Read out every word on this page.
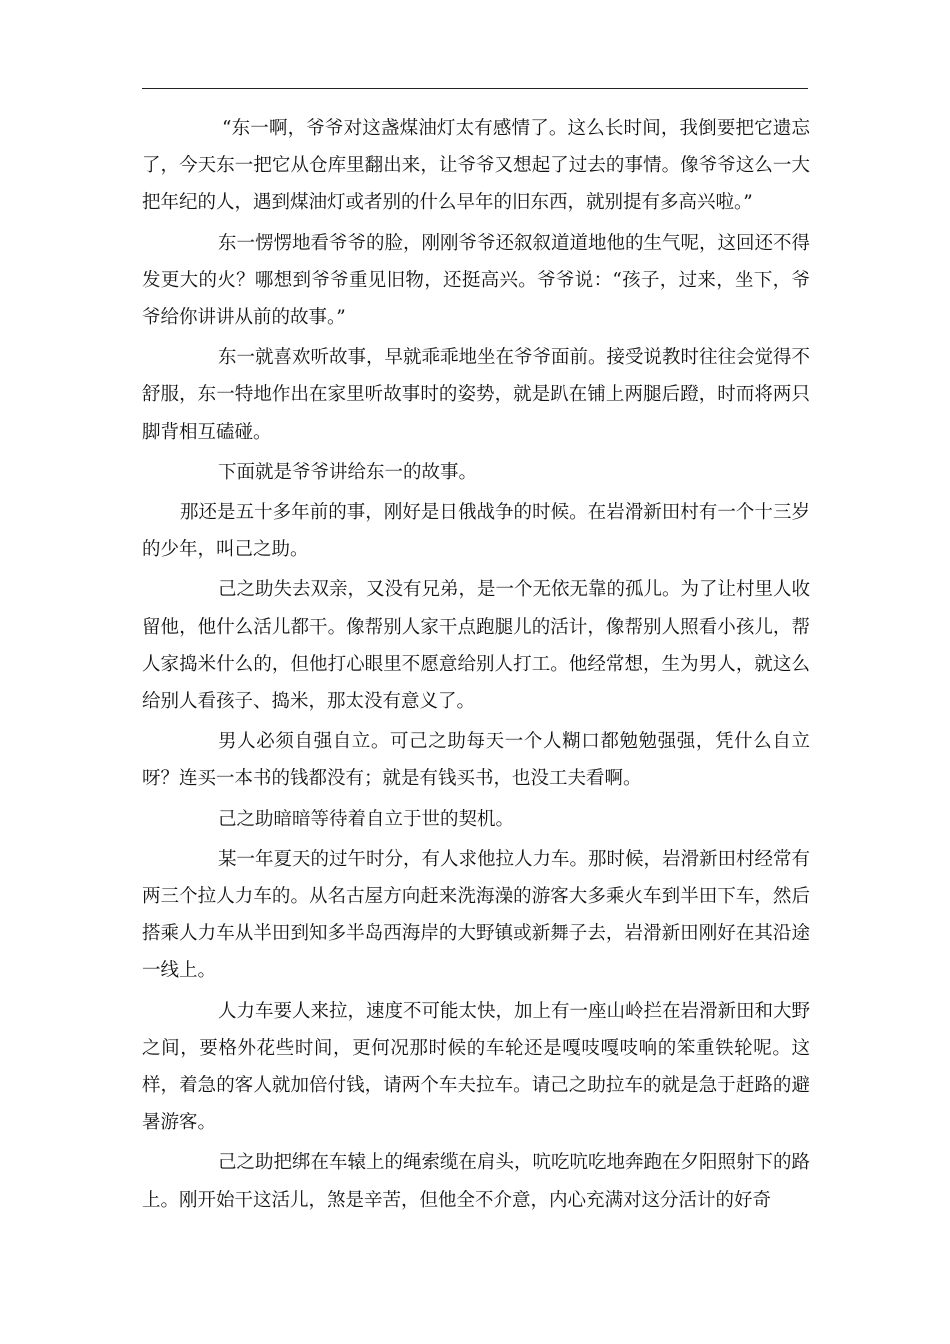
“东一啊，爷爷对这盏煤油灯太有感情了。这么长时间，我倒要把它遗忘了，今天东一把它从仓库里翻出来，让爷爷又想起了过去的事情。像爷爷这么一大把年纪的人，遇到煤油灯或者别的什么早年的旧东西，就别提有多高兴啦。”

东一愣愣地看爷爷的脸，刚刚爷爷还叙叙道道地他的生气呢，这回还不得发更大的火？哪想到爷爷重见旧物，还挺高兴。爷爷说：“孩子，过来，坐下，爷爷给你讲讲从前的故事。”

东一就喜欢听故事，早就乖乖地坐在爷爷面前。接受说教时往往会觉得不舒服，东一特地作出在家里听故事时的姿势，就是趴在铺上两腿后蹬，时而将两只脚背相互磕碰。

下面就是爷爷讲给东一的故事。

那还是五十多年前的事，刚好是日俄战争的时候。在岩滑新田村有一个十三岁的少年，叫己之助。

己之助失去双亲，又没有兄弟，是一个无依无靠的孤儿。为了让村里人收留他，他什么活儿都干。像帮别人家干点跑腿儿的活计，像帮别人照看小孩儿，帮人家捣米什么的，但他打心眼里不愿意给别人打工。他经常想，生为男人，就这么给别人看孩子、捣米，那太没有意义了。

男人必须自强自立。可己之助每天一个人糊口都勉勉强强，凭什么自立呀？连买一本书的钱都没有；就是有钱买书，也没工夫看啊。

己之助暗暗等待着自立于世的契机。

某一年夏天的过午时分，有人求他拉人力车。那时候，岩滑新田村经常有两三个拉人力车的。从名古屋方向赶来洗海澡的游客大多乘火车到半田下车，然后搭乘人力车从半田到知多半岛西海岸的大野镇或新舞子去，岩滑新田刚好在其沿途一线上。

人力车要人来拉，速度不可能太快，加上有一座山岭拦在岩滑新田和大野之间，要格外花些时间，更何况那时候的车轮还是嘎吱嘎吱响的笨重铁轮呢。这样，着急的客人就加倍付钱，请两个车夫拉车。请己之助拉车的就是急于赶路的避暑游客。

己之助把绑在车辕上的绳索缆在肩头，吭吃吭吃地奔跑在夕阳照射下的路上。刚开始干这活儿，煞是辛苦，但他全不介意，内心充满对这分活计的好奇
